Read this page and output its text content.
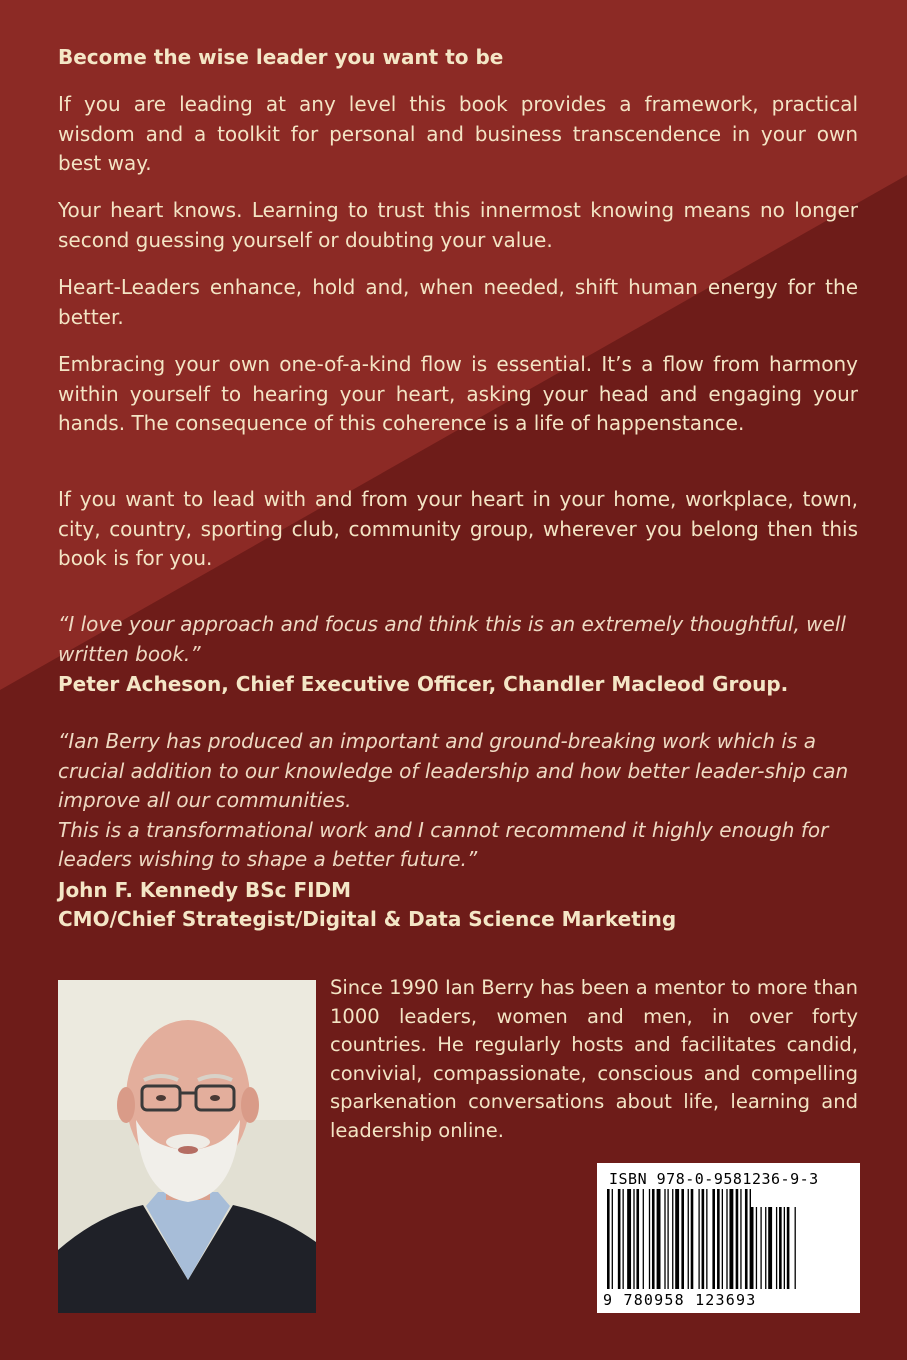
Become the wise leader you want to be

If you are leading at any level this book provides a framework, practical wisdom and a toolkit for personal and business transcendence in your own best way.

Your heart knows. Learning to trust this innermost knowing means no longer second guessing yourself or doubting your value.

Heart-Leaders enhance, hold and, when needed, shift human energy for the better.

Embracing your own one-of-a-kind flow is essential. It’s a flow from harmony within yourself to hearing your heart, asking your head and engaging your hands. The consequence of this coherence is a life of happenstance.

If you want to lead with and from your heart in your home, workplace, town, city, country, sporting club, community group, wherever you belong then this book is for you.

“I love your approach and focus and think this is an extremely thoughtful, well written book.”

Peter Acheson, Chief Executive Officer, Chandler Macleod Group.
“Ian Berry has produced an important and ground-breaking work which is a crucial addition to our knowledge of leadership and how better leader-ship can improve all our communities.
This is a transformational work and I cannot recommend it highly enough for leaders wishing to shape a better future.”
John F. Kennedy BSc FIDM
CMO/Chief Strategist/Digital & Data Science Marketing

Since 1990 Ian Berry has been a mentor to more than 1000 leaders, women and men, in over forty countries. He regularly hosts and facilitates candid, convivial, compassionate, conscious and compelling sparkenation conversations about life, learning and leadership online.

ISBN 978-0-9581236-9-3
9 780958 123693
